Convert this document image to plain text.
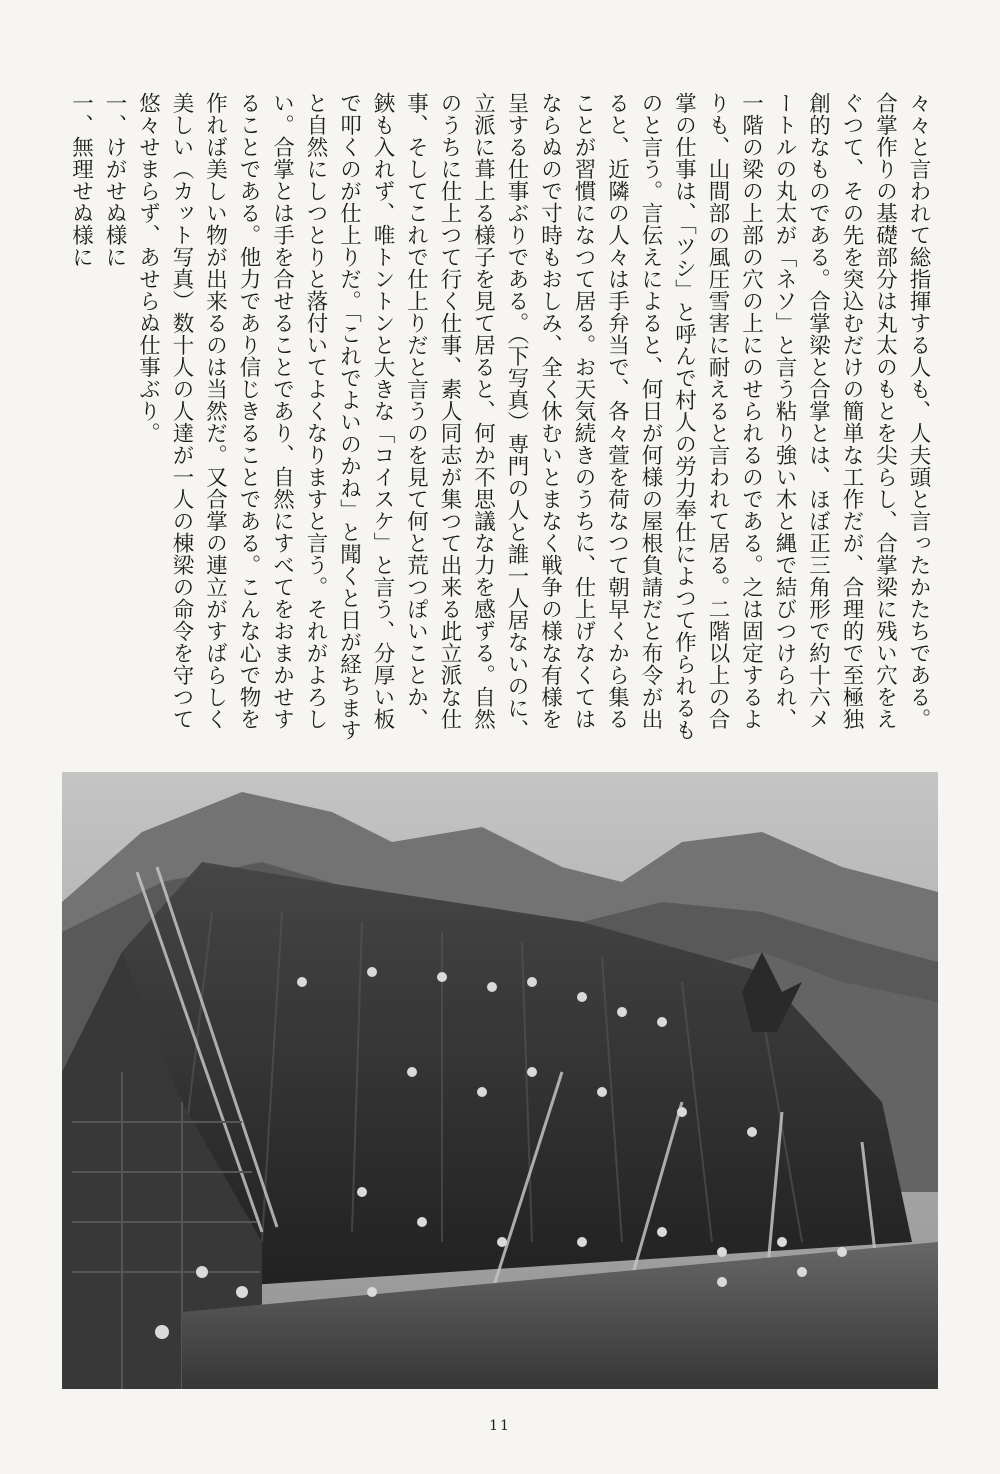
々々と言われて総指揮する人も、人夫頭と言ったかたちである。合掌作りの基礎部分は丸太のもとを尖らし、合掌梁に残い穴をえぐつて、その先を突込むだけの簡単な工作だが、合理的で至極独創的なものである。合掌梁と合掌とは、ほぼ正三角形で約十六メートルの丸太が「ネソ」と言う粘り強い木と縄で結びつけられ、一階の梁の上部の穴の上にのせられるのである。之は固定するよりも、山間部の風圧雪害に耐えると言われて居る。二階以上の合掌の仕事は、「ツシ」と呼んで村人の労力奉仕によつて作られるものと言う。言伝えによると、何日が何様の屋根負請だと布令が出ると、近隣の人々は手弁当で、各々萱を荷なつて朝早くから集ることが習慣になつて居る。お天気続きのうちに、仕上げなくてはならぬので寸時もおしみ、全く休むいとまなく戦争の様な有様を呈する仕事ぶりである。（下写真）専門の人と誰一人居ないのに、立派に葺上る様子を見て居ると、何か不思議な力を感ずる。自然のうちに仕上つて行く仕事、素人同志が集つて出来る此立派な仕事、そしてこれで仕上りだと言うのを見て何と荒つぽいことか、鋏も入れず、唯トントンと大きな「コイスケ」と言う、分厚い板で叩くのが仕上りだ。「これでよいのかね」と聞くと日が経ちますと自然にしつとりと落付いてよくなりますと言う。それがよろしい。合掌とは手を合せることであり、自然にすべてをおまかせすることである。他力であり信じきることである。こんな心で物を作れば美しい物が出来るのは当然だ。又合掌の連立がすばらしく美しい（カット写真）数十人の人達が一人の棟梁の命令を守つて悠々せまらず、あせらぬ仕事ぶり。

一、けがせぬ様に

一、無理せぬ様に

11
